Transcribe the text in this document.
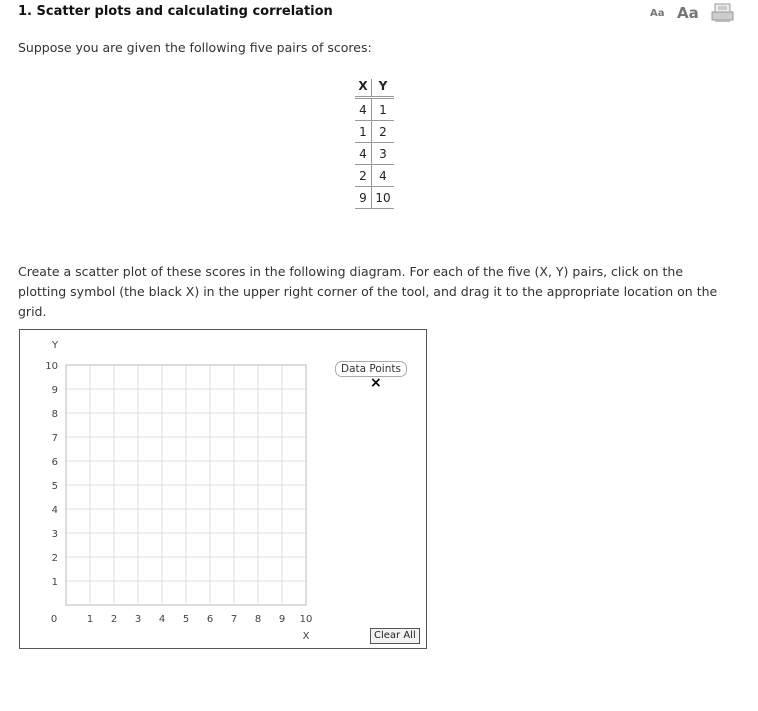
1. Scatter plots and calculating correlation	Aa Aa
Suppose you are given the following five pairs of scores:
X	Y
4	1
1	2
4	3
2	4
9	10
Create a scatter plot of these scores in the following diagram. For each of the five (X, Y) pairs, click on the plotting symbol (the black X) in the upper right corner of the tool, and drag it to the appropriate location on the grid.
0	1 2 3 4 5 6 7 8 9 10
1
2
3
4
5
6
7
8
9
10
Y
X
Data Points
×
Clear All
